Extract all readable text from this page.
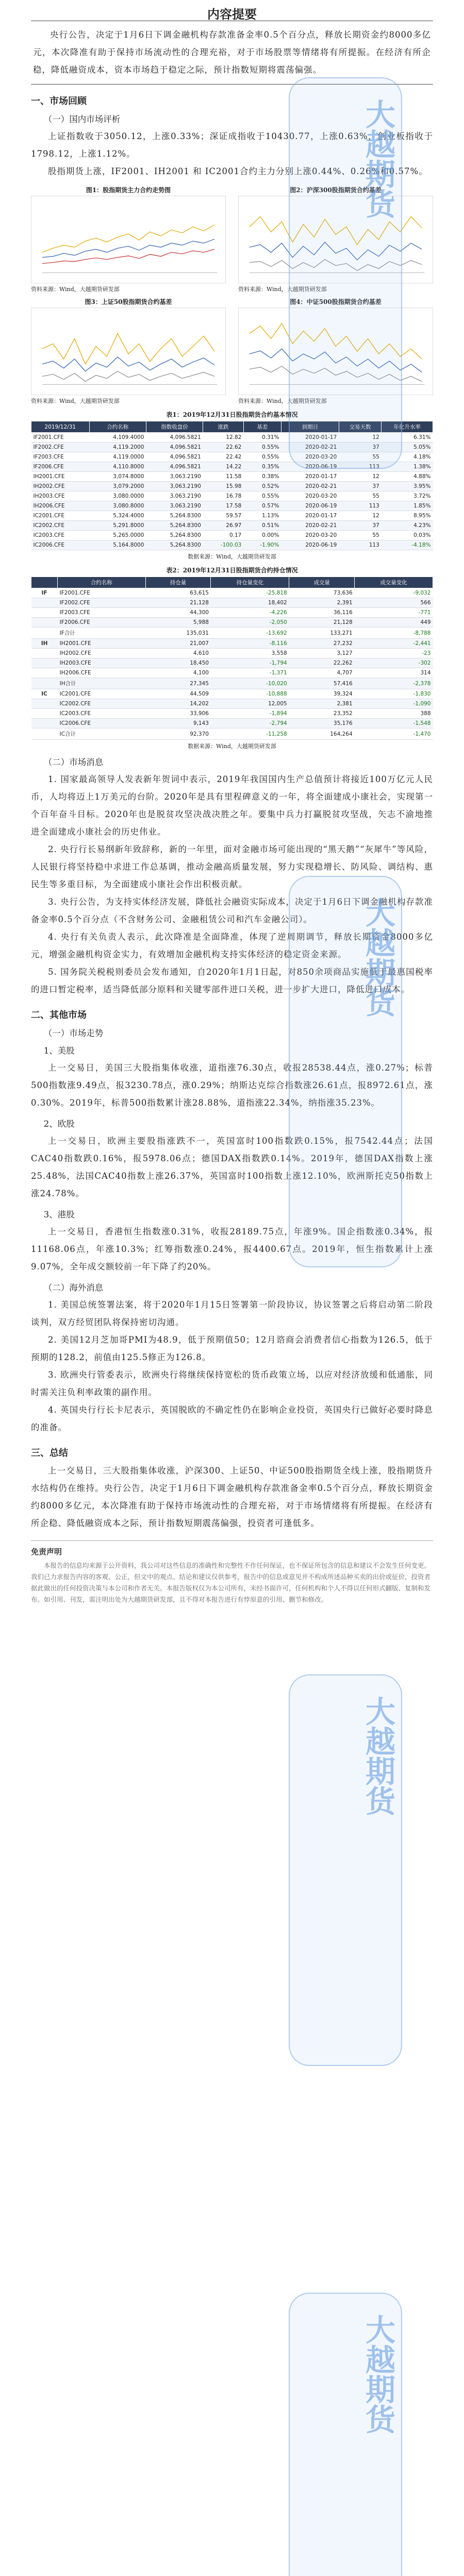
大越期货
大越期货
大越期货
大越期货
内容提要

央行公告，决定于1月6日下调金融机构存款准备金率0.5个百分点，释放长期资金约8000多亿元，本次降准有助于保持市场流动性的合理充裕，对于市场股票等情绪将有所提振。在经济有所企稳，降低融资成本，资本市场趋于稳定之际，预计指数短期将震荡偏强。

一、市场回顾
（一）国内市场评析

上证指数收于3050.12，上涨0.33%；深证成指收于10430.77，上涨0.63%，创业板指收于1798.12，上涨1.12%。

股指期货上涨，IF2001、IH2001 和 IC2001合约主力分别上涨0.44%、0.26%和0.57%。

图1：股指期货主力合约走势图
资料来源：Wind，大越期货研发部
图2：沪深300股指期货合约基差
资料来源：Wind，大越期货研发部
图3：上证50股指期货合约基差
资料来源：Wind，大越期货研发部
图4：中证500股指期货合约基差
资料来源：Wind，大越期货研发部
表1：2019年12月31日股指期货合约基本情况
2019/12/31	合约名称	指数收盘价	涨跌	基差	到期日	交易天数	年化升水率
IF2001.CFE	4,109.4000	4,096.5821	12.82	0.31%	2020-01-17	12	6.31%
IF2002.CFE	4,119.2000	4,096.5821	22.62	0.55%	2020-02-21	37	5.05%
IF2003.CFE	4,119.0000	4,096.5821	22.42	0.55%	2020-03-20	55	4.18%
IF2006.CFE	4,110.8000	4,096.5821	14.22	0.35%	2020-06-19	113	1.38%
IH2001.CFE	3,074.8000	3,063.2190	11.58	0.38%	2020-01-17	12	4.88%
IH2002.CFE	3,079.2000	3,063.2190	15.98	0.52%	2020-02-21	37	3.95%
IH2003.CFE	3,080.0000	3,063.2190	16.78	0.55%	2020-03-20	55	3.72%
IH2006.CFE	3,080.8000	3,063.2190	17.58	0.57%	2020-06-19	113	1.85%
IC2001.CFE	5,324.4000	5,264.8300	59.57	1.13%	2020-01-17	12	8.95%
IC2002.CFE	5,291.8000	5,264.8300	26.97	0.51%	2020-02-21	37	4.23%
IC2003.CFE	5,265.0000	5,264.8300	0.17	0.00%	2020-03-20	55	0.03%
IC2006.CFE	5,164.8000	5,264.8300	-100.03	-1.90%	2020-06-19	113	-4.18%
数据来源：Wind，大越期货研发部
表2：2019年12月31日股指期货合约持仓情况
	合约名称	持仓量	持仓量变化	成交量	成交量变化
IF	IF2001.CFE	63,615	-25,818	73,636	-9,032
	IF2002.CFE	21,128	18,402	2,391	566
	IF2003.CFE	44,300	-4,226	36,116	-771
	IF2006.CFE	5,988	-2,050	21,128	449
	IF合计	135,031	-13,692	133,271	-8,788
IH	IH2001.CFE	21,007	-8,116	27,232	-2,441
	IH2002.CFE	4,610	3,558	3,127	-23
	IH2003.CFE	18,450	-1,794	22,262	-302
	IH2006.CFE	4,100	-1,371	4,707	314
	IH合计	27,345	-10,020	57,416	-2,378
IC	IC2001.CFE	44,509	-10,888	39,324	-1,830
	IC2002.CFE	14,202	12,005	2,381	-1,090
	IC2003.CFE	33,906	-1,894	23,352	388
	IC2006.CFE	9,143	-2,794	35,176	-1,548
	IC合计	92,370	-11,258	164,264	-1,470
数据来源：Wind，大越期货研发部
（二）市场消息

1. 国家最高领导人发表新年贺词中表示，2019年我国国内生产总值预计将接近100万亿元人民币，人均将迈上1万美元的台阶。2020年是具有里程碑意义的一年，将全面建成小康社会，实现第一个百年奋斗目标。2020年也是脱贫攻坚决战决胜之年。要集中兵力打赢脱贫攻坚战，矢志不渝地推进全面建成小康社会的历史伟业。

2. 央行行长易纲新年致辞称，新的一年里，面对金融市场可能出现的“黑天鹅”“灰犀牛”等风险，人民银行将坚持稳中求进工作总基调，推动金融高质量发展，努力实现稳增长、防风险、调结构、惠民生等多重目标，为全面建成小康社会作出积极贡献。

3. 央行公告，为支持实体经济发展，降低社会融资实际成本，决定于1月6日下调金融机构存款准备金率0.5个百分点（不含财务公司、金融租赁公司和汽车金融公司）。

4. 央行有关负责人表示，此次降准是全面降准，体现了逆周期调节，释放长期资金8000多亿元，增强金融机构资金实力，有效增加金融机构支持实体经济的稳定资金来源。

5. 国务院关税税则委员会发布通知，自2020年1月1日起，对850余项商品实施低于最惠国税率的进口暂定税率，适当降低部分原料和关键零部件进口关税，进一步扩大进口，降低进口成本。

二、其他市场
（一）市场走势
1、美股

上一交易日，美国三大股指集体收涨，道指涨76.30点，收报28538.44点，涨0.27%；标普500指数涨9.49点，报3230.78点，涨0.29%；纳斯达克综合指数涨26.61点，报8972.61点，涨0.30%。2019年，标普500指数累计涨28.88%，道指涨22.34%，纳指涨35.23%。

2、欧股

上一交易日，欧洲主要股指涨跌不一，英国富时100指数跌0.15%，报7542.44点；法国CAC40指数跌0.16%，报5978.06点；德国DAX指数跌0.14%。2019年，德国DAX指数上涨25.48%，法国CAC40指数上涨26.37%，英国富时100指数上涨12.10%，欧洲斯托克50指数上涨24.78%。

3、港股

上一交易日，香港恒生指数涨0.31%，收报28189.75点，年涨9%。国企指数涨0.34%，报11168.06点，年涨10.3%；红筹指数涨0.24%，报4400.67点。2019年，恒生指数累计上涨9.07%，全年成交额较前一年下降了约20%。

（二）海外消息

1. 美国总统签署法案，将于2020年1月15日签署第一阶段协议，协议签署之后将启动第二阶段谈判，双方经贸团队将保持密切沟通。

2. 美国12月芝加哥PMI为48.9，低于预期值50；12月谘商会消费者信心指数为126.5，低于预期的128.2，前值由125.5修正为126.8。

3. 欧洲央行管委表示，欧洲央行将继续保持宽松的货币政策立场，以应对经济放缓和低通胀，同时需关注负利率政策的副作用。

4. 英国央行行长卡尼表示，英国脱欧的不确定性仍在影响企业投资，英国央行已做好必要时降息的准备。

三、总结

上一交易日，三大股指集体收涨，沪深300、上证50、中证500股指期货全线上涨，股指期货升水结构仍在维持。央行公告，决定于1月6日下调金融机构存款准备金率0.5个百分点，释放长期资金约8000多亿元，本次降准有助于保持市场流动性的合理充裕，对于市场情绪将有所提振。在经济有所企稳、降低融资成本之际，预计指数短期震荡偏强，投资者可逢低多。

免责声明

本报告的信息均来源于公开资料，我公司对这些信息的准确性和完整性不作任何保证，也不保证所包含的信息和建议不会发生任何变更。我们已力求报告内容的客观、公正，但文中的观点、结论和建议仅供参考，报告中的信息或意见并不构成所述品种买卖的出价或征价，投资者据此做出的任何投资决策与本公司和作者无关。本报告版权仅为本公司所有，未经书面许可，任何机构和个人不得以任何形式翻版、复制和发布。如引用、刊发，需注明出处为大越期货研发部，且不得对本报告进行有悖原意的引用、删节和修改。
